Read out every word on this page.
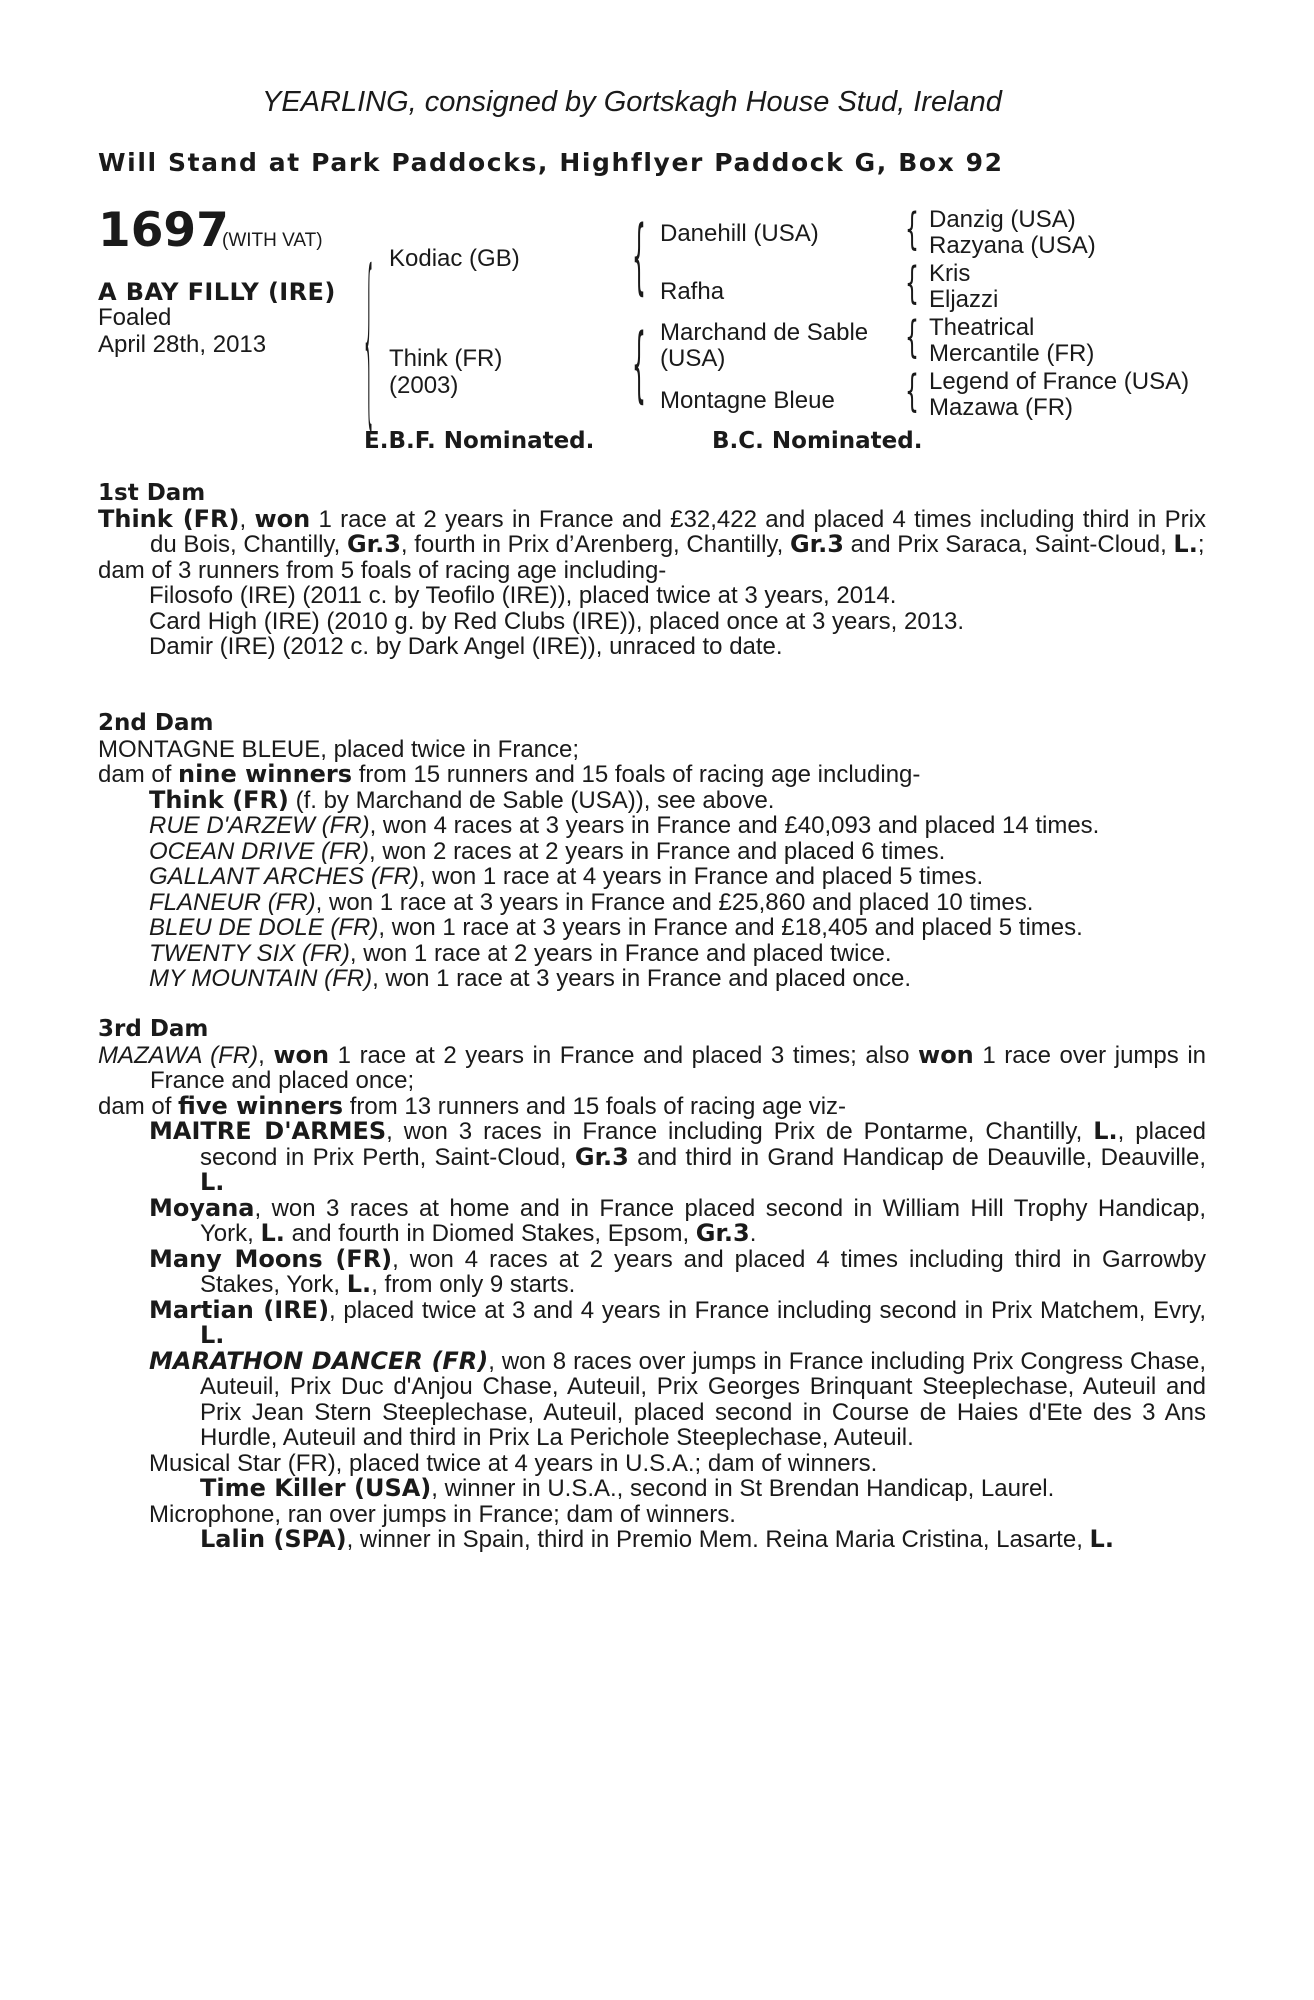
YEARLING, consigned by Gortskagh House Stud, Ireland
Will Stand at Park Paddocks, Highflyer Paddock G, Box 92
1697
(WITH VAT)
A BAY FILLY (IRE)
Foaled
April 28th, 2013 { Kodiac (GB)
Think (FR)
(2003)
{
{
Danehill (USA)
Rafha
Marchand de Sable
(USA)
Montagne Bleue
{
{
{
{
Danzig (USA)
Razyana (USA)
Kris
Eljazzi
Theatrical
Mercantile (FR)
Legend of France (USA)
Mazawa (FR)
E.B.F. Nominated.	B.C. Nominated.

1st Dam

Think (FR), won 1 race at 2 years in France and £32,422 and placed 4 times including third in Prix du Bois, Chantilly, Gr.3, fourth in Prix d’Arenberg, Chantilly, Gr.3 and Prix Saraca, Saint-Cloud, L.;

dam of 3 runners from 5 foals of racing age including-

Filosofo (IRE) (2011 c. by Teofilo (IRE)), placed twice at 3 years, 2014.

Card High (IRE) (2010 g. by Red Clubs (IRE)), placed once at 3 years, 2013.

Damir (IRE) (2012 c. by Dark Angel (IRE)), unraced to date.

2nd Dam

MONTAGNE BLEUE, placed twice in France;

dam of nine winners from 15 runners and 15 foals of racing age including-

Think (FR) (f. by Marchand de Sable (USA)), see above.

RUE D'ARZEW (FR), won 4 races at 3 years in France and £40,093 and placed 14 times.

OCEAN DRIVE (FR), won 2 races at 2 years in France and placed 6 times.

GALLANT ARCHES (FR), won 1 race at 4 years in France and placed 5 times.

FLANEUR (FR), won 1 race at 3 years in France and £25,860 and placed 10 times.

BLEU DE DOLE (FR), won 1 race at 3 years in France and £18,405 and placed 5 times.

TWENTY SIX (FR), won 1 race at 2 years in France and placed twice.

MY MOUNTAIN (FR), won 1 race at 3 years in France and placed once.

3rd Dam

MAZAWA (FR), won 1 race at 2 years in France and placed 3 times; also won 1 race over jumps in France and placed once;

dam of five winners from 13 runners and 15 foals of racing age viz-

MAITRE D'ARMES, won 3 races in France including Prix de Pontarme, Chantilly, L., placed second in Prix Perth, Saint-Cloud, Gr.3 and third in Grand Handicap de Deauville, Deauville, L.

Moyana, won 3 races at home and in France placed second in William Hill Trophy Handicap, York, L. and fourth in Diomed Stakes, Epsom, Gr.3.

Many Moons (FR), won 4 races at 2 years and placed 4 times including third in Garrowby Stakes, York, L., from only 9 starts.

Martian (IRE), placed twice at 3 and 4 years in France including second in Prix Matchem, Evry, L.

MARATHON DANCER (FR), won 8 races over jumps in France including Prix Congress Chase, Auteuil, Prix Duc d'Anjou Chase, Auteuil, Prix Georges Brinquant Steeplechase, Auteuil and Prix Jean Stern Steeplechase, Auteuil, placed second in Course de Haies d'Ete des 3 Ans Hurdle, Auteuil and third in Prix La Perichole Steeplechase, Auteuil.

Musical Star (FR), placed twice at 4 years in U.S.A.; dam of winners.

Time Killer (USA), winner in U.S.A., second in St Brendan Handicap, Laurel.

Microphone, ran over jumps in France; dam of winners.

Lalin (SPA), winner in Spain, third in Premio Mem. Reina Maria Cristina, Lasarte, L.
